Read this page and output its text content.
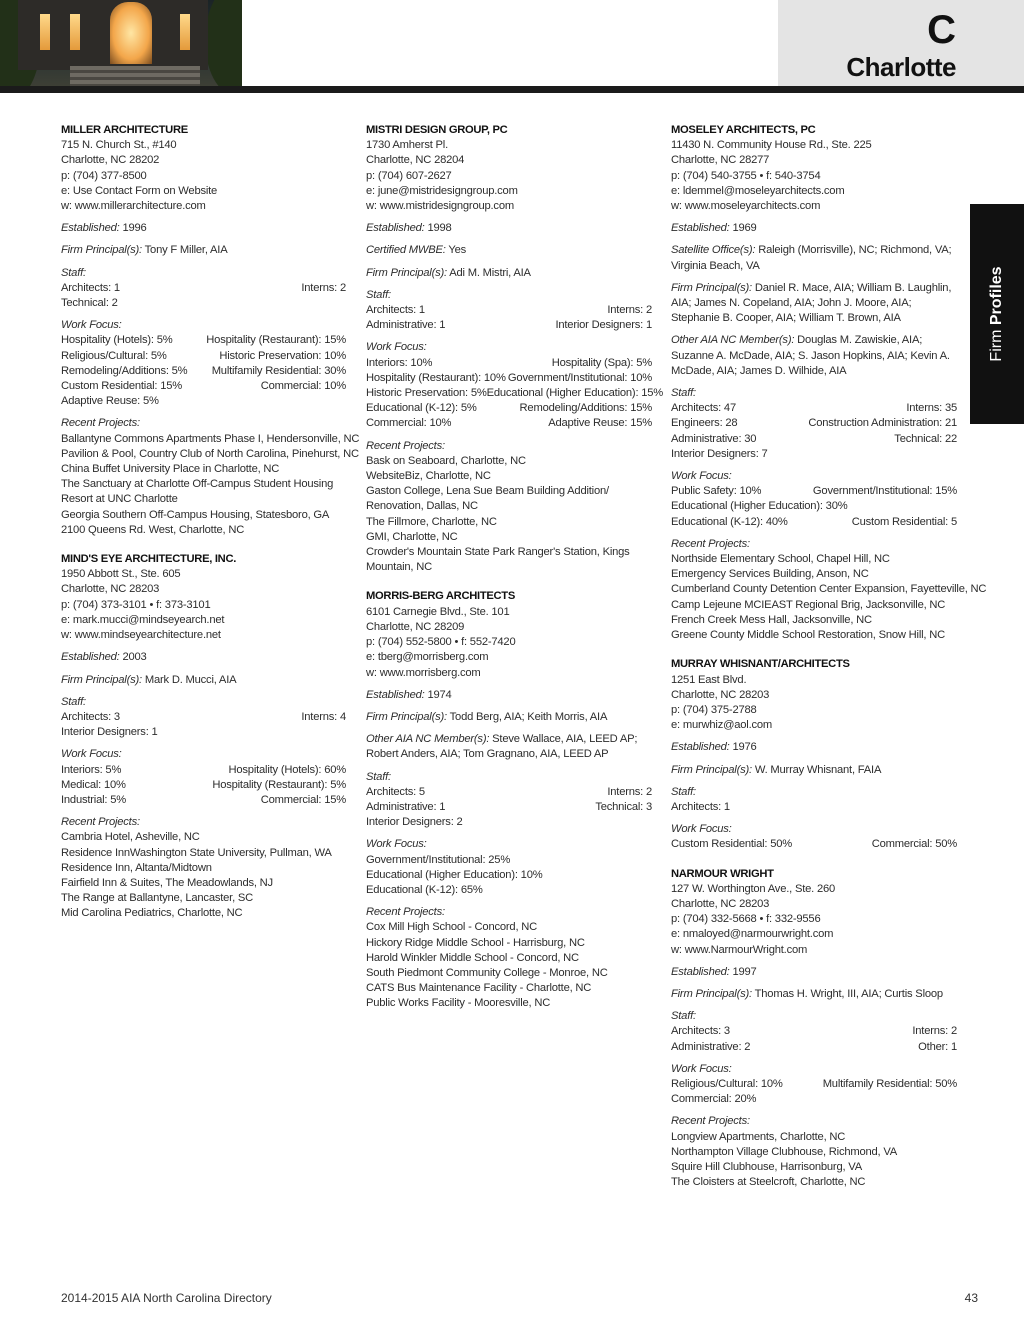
C
Charlotte
Firm Profiles
MILLER ARCHITECTURE
715 N. Church St., #140
Charlotte, NC 28202
p: (704) 377-8500
e: Use Contact Form on Website
w: www.millerarchitecture.com
Established: 1996
Firm Principal(s): Tony F Miller, AIA
Staff:
Architects: 1	Interns: 2
Technical: 2
Work Focus:
Hospitality (Hotels): 5%	Hospitality (Restaurant): 15%
Religious/Cultural: 5%	Historic Preservation: 10%
Remodeling/Additions: 5% Multifamily Residential: 30%
Custom Residential: 15%	Commercial: 10%
Adaptive Reuse: 5%
Recent Projects:
Ballantyne Commons Apartments Phase I, Hendersonville, NC
Pavilion & Pool, Country Club of North Carolina, Pinehurst, NC
China Buffet University Place in Charlotte, NC
The Sanctuary at Charlotte Off-Campus Student Housing
Resort at UNC Charlotte
Georgia Southern Off-Campus Housing, Statesboro, GA
2100 Queens Rd. West, Charlotte, NC
MIND'S EYE ARCHITECTURE, INC.
1950 Abbott St., Ste. 605
Charlotte, NC 28203
p: (704) 373-3101 • f: 373-3101
e: mark.mucci@mindseyearch.net
w: www.mindseyearchitecture.net
Established: 2003
Firm Principal(s): Mark D. Mucci, AIA
Staff:
Architects: 3	Interns: 4
Interior Designers: 1
Work Focus:
Interiors: 5%	Hospitality (Hotels): 60%
Medical: 10%	Hospitality (Restaurant): 5%
Industrial: 5%	Commercial: 15%
Recent Projects:
Cambria Hotel, Asheville, NC
Residence InnWashington State University, Pullman, WA
Residence Inn, Altanta/Midtown
Fairfield Inn & Suites, The Meadowlands, NJ
The Range at Ballantyne, Lancaster, SC
Mid Carolina Pediatrics, Charlotte, NC
MISTRI DESIGN GROUP, PC
1730 Amherst Pl.
Charlotte, NC 28204
p: (704) 607-2627
e: june@mistridesigngroup.com
w: www.mistridesigngroup.com
Established: 1998
Certified MWBE: Yes
Firm Principal(s): Adi M. Mistri, AIA
Staff:
Architects: 1	Interns: 2
Administrative: 1	Interior Designers: 1
Work Focus:
Interiors: 10%	Hospitality (Spa): 5%
Hospitality (Restaurant): 10% Government/Institutional: 10%
Historic Preservation: 5% Educational (Higher Education): 15%
Educational (K-12): 5%	Remodeling/Additions: 15%
Commercial: 10%	Adaptive Reuse: 15%
Recent Projects:
Bask on Seaboard, Charlotte, NC
WebsiteBiz, Charlotte, NC
Gaston College, Lena Sue Beam Building Addition/
Renovation, Dallas, NC
The Fillmore, Charlotte, NC
GMI, Charlotte, NC
Crowder's Mountain State Park Ranger's Station, Kings
Mountain, NC
MORRIS-BERG ARCHITECTS
6101 Carnegie Blvd., Ste. 101
Charlotte, NC 28209
p: (704) 552-5800 • f: 552-7420
e: tberg@morrisberg.com
w: www.morrisberg.com
Established: 1974
Firm Principal(s): Todd Berg, AIA; Keith Morris, AIA
Other AIA NC Member(s): Steve Wallace, AIA, LEED AP; Robert Anders, AIA; Tom Gragnano, AIA, LEED AP
Staff:
Architects: 5	Interns: 2
Administrative: 1	Technical: 3
Interior Designers: 2
Work Focus:
Government/Institutional: 25%
Educational (Higher Education): 10%
Educational (K-12): 65%
Recent Projects:
Cox Mill High School - Concord, NC
Hickory Ridge Middle School - Harrisburg, NC
Harold Winkler Middle School - Concord, NC
South Piedmont Community College - Monroe, NC
CATS Bus Maintenance Facility - Charlotte, NC
Public Works Facility - Mooresville, NC
MOSELEY ARCHITECTS, PC
11430 N. Community House Rd., Ste. 225
Charlotte, NC 28277
p: (704) 540-3755 • f: 540-3754
e: ldemmel@moseleyarchitects.com
w: www.moseleyarchitects.com
Established: 1969
Satellite Office(s): Raleigh (Morrisville), NC; Richmond, VA; Virginia Beach, VA
Firm Principal(s): Daniel R. Mace, AIA; William B. Laughlin, AIA; James N. Copeland, AIA; John J. Moore, AIA; Stephanie B. Cooper, AIA; William T. Brown, AIA
Other AIA NC Member(s): Douglas M. Zawiskie, AIA; Suzanne A. McDade, AIA; S. Jason Hopkins, AIA; Kevin A. McDade, AIA; James D. Wilhide, AIA
Staff:
Architects: 47	Interns: 35
Engineers: 28	Construction Administration: 21
Administrative: 30	Technical: 22
Interior Designers: 7
Work Focus:
Public Safety: 10%	Government/Institutional: 15%
Educational (Higher Education): 30%
Educational (K-12): 40%	Custom Residential: 5
Recent Projects:
Northside Elementary School, Chapel Hill, NC
Emergency Services Building, Anson, NC
Cumberland County Detention Center Expansion, Fayetteville, NC
Camp Lejeune MCIEAST Regional Brig, Jacksonville, NC
French Creek Mess Hall, Jacksonville, NC
Greene County Middle School Restoration, Snow Hill, NC
MURRAY WHISNANT/ARCHITECTS
1251 East Blvd.
Charlotte, NC 28203
p: (704) 375-2788
e: murwhiz@aol.com
Established: 1976
Firm Principal(s): W. Murray Whisnant, FAIA
Staff:
Architects: 1
Work Focus:
Custom Residential: 50%	Commercial: 50%
NARMOUR WRIGHT
127 W. Worthington Ave., Ste. 260
Charlotte, NC 28203
p: (704) 332-5668 • f: 332-9556
e: nmaloyed@narmourwright.com
w: www.NarmourWright.com
Established: 1997
Firm Principal(s): Thomas H. Wright, III, AIA; Curtis Sloop
Staff:
Architects: 3	Interns: 2
Administrative: 2	Other: 1
Work Focus:
Religious/Cultural: 10%	Multifamily Residential: 50%
Commercial: 20%
Recent Projects:
Longview Apartments, Charlotte, NC
Northampton Village Clubhouse, Richmond, VA
Squire Hill Clubhouse, Harrisonburg, VA
The Cloisters at Steelcroft, Charlotte, NC
2014-2015 AIA North Carolina Directory	43
